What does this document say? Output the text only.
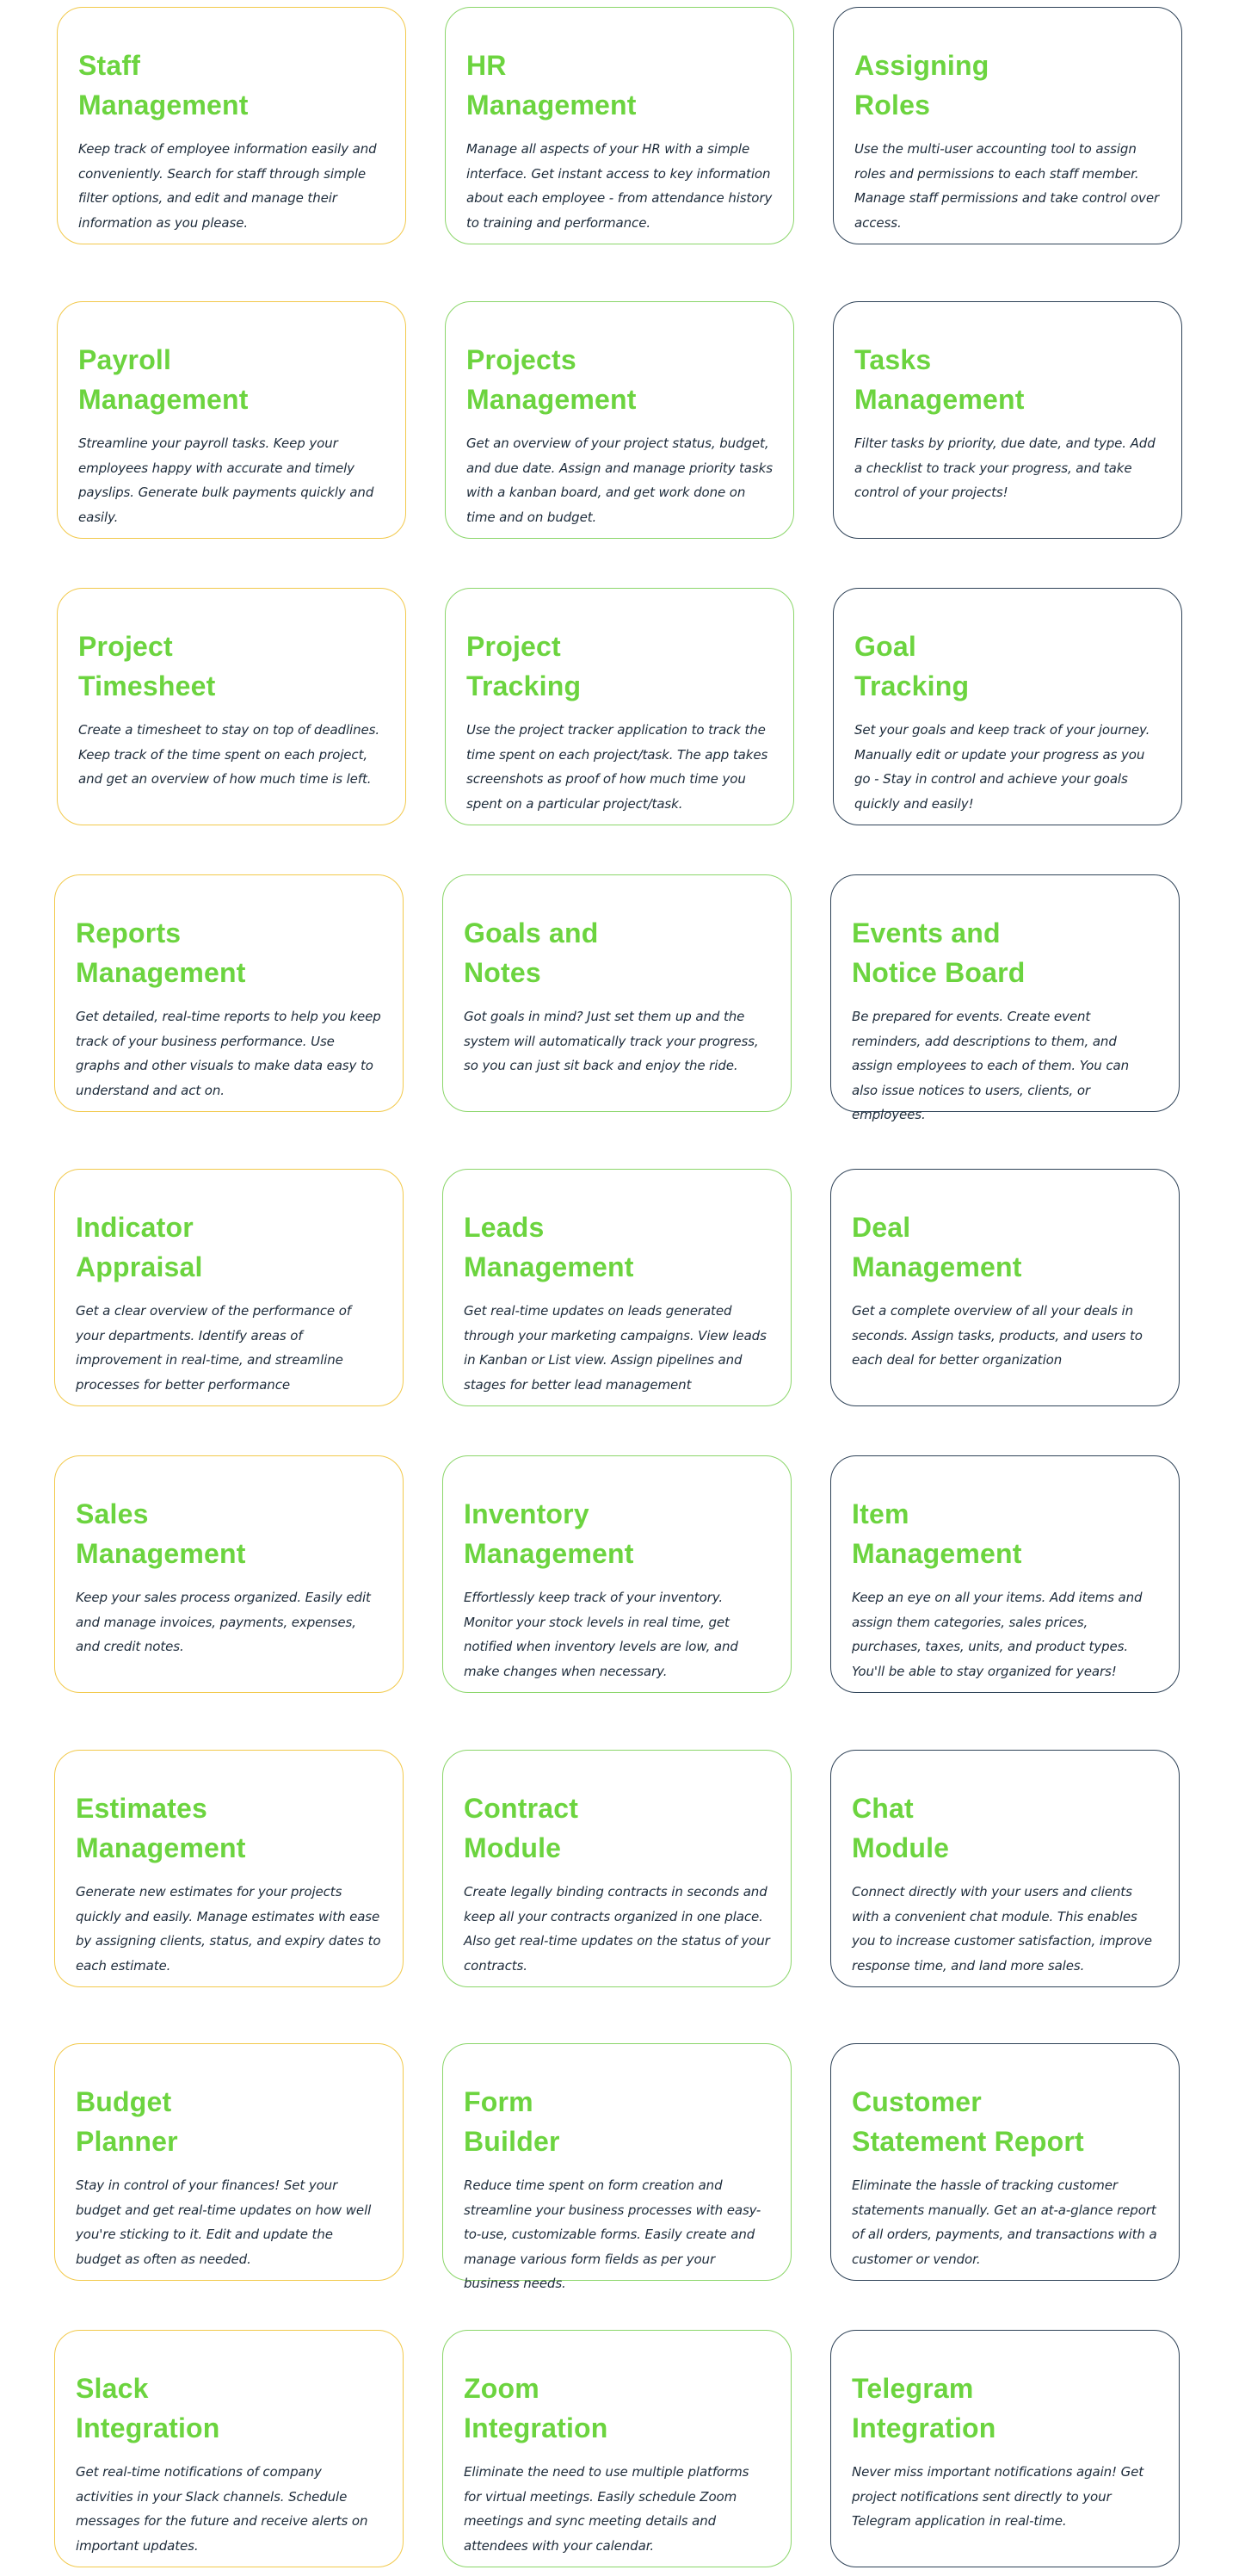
Staff
Management

Keep track of employee information easily and conveniently. Search for staff through simple filter options, and edit and manage their information as you please.

HR
Management

Manage all aspects of your HR with a simple interface. Get instant access to key information about each employee - from attendance history to training and performance.

Assigning
Roles

Use the multi-user accounting tool to assign roles and permissions to each staff member. Manage staff permissions and take control over access.

Payroll
Management

Streamline your payroll tasks. Keep your employees happy with accurate and timely payslips. Generate bulk payments quickly and easily.

Projects
Management

Get an overview of your project status, budget, and due date. Assign and manage priority tasks with a kanban board, and get work done on time and on budget.

Tasks
Management

Filter tasks by priority, due date, and type. Add a checklist to track your progress, and take control of your projects!

Project
Timesheet

Create a timesheet to stay on top of deadlines. Keep track of the time spent on each project, and get an overview of how much time is left.

Project
Tracking

Use the project tracker application to track the time spent on each project/task. The app takes screenshots as proof of how much time you spent on a particular project/task.

Goal
Tracking

Set your goals and keep track of your journey. Manually edit or update your progress as you go - Stay in control and achieve your goals quickly and easily!

Reports
Management

Get detailed, real-time reports to help you keep track of your business performance. Use graphs and other visuals to make data easy to understand and act on.

Goals and
Notes

Got goals in mind? Just set them up and the system will automatically track your progress, so you can just sit back and enjoy the ride.

Events and
Notice Board

Be prepared for events. Create event reminders, add descriptions to them, and assign employees to each of them. You can also issue notices to users, clients, or employees.

Indicator
Appraisal

Get a clear overview of the performance of your departments. Identify areas of improvement in real-time, and streamline processes for better performance

Leads
Management

Get real-time updates on leads generated through your marketing campaigns. View leads in Kanban or List view. Assign pipelines and stages for better lead management

Deal
Management

Get a complete overview of all your deals in seconds. Assign tasks, products, and users to each deal for better organization

Sales
Management

Keep your sales process organized. Easily edit and manage invoices, payments, expenses, and credit notes.

Inventory
Management

Effortlessly keep track of your inventory. Monitor your stock levels in real time, get notified when inventory levels are low, and make changes when necessary.

Item
Management

Keep an eye on all your items. Add items and assign them categories, sales prices, purchases, taxes, units, and product types. You'll be able to stay organized for years!

Estimates
Management

Generate new estimates for your projects quickly and easily. Manage estimates with ease by assigning clients, status, and expiry dates to each estimate.

Contract
Module

Create legally binding contracts in seconds and keep all your contracts organized in one place. Also get real-time updates on the status of your contracts.

Chat
Module

Connect directly with your users and clients with a convenient chat module. This enables you to increase customer satisfaction, improve response time, and land more sales.

Budget
Planner

Stay in control of your finances! Set your budget and get real-time updates on how well you're sticking to it. Edit and update the budget as often as needed.

Form
Builder

Reduce time spent on form creation and streamline your business processes with easy-to-use, customizable forms. Easily create and manage various form fields as per your business needs.

Customer
Statement Report

Eliminate the hassle of tracking customer statements manually. Get an at-a-glance report of all orders, payments, and transactions with a customer or vendor.

Slack
Integration

Get real-time notifications of company activities in your Slack channels. Schedule messages for the future and receive alerts on important updates.

Zoom
Integration

Eliminate the need to use multiple platforms for virtual meetings. Easily schedule Zoom meetings and sync meeting details and attendees with your calendar.

Telegram
Integration

Never miss important notifications again! Get project notifications sent directly to your Telegram application in real-time.
